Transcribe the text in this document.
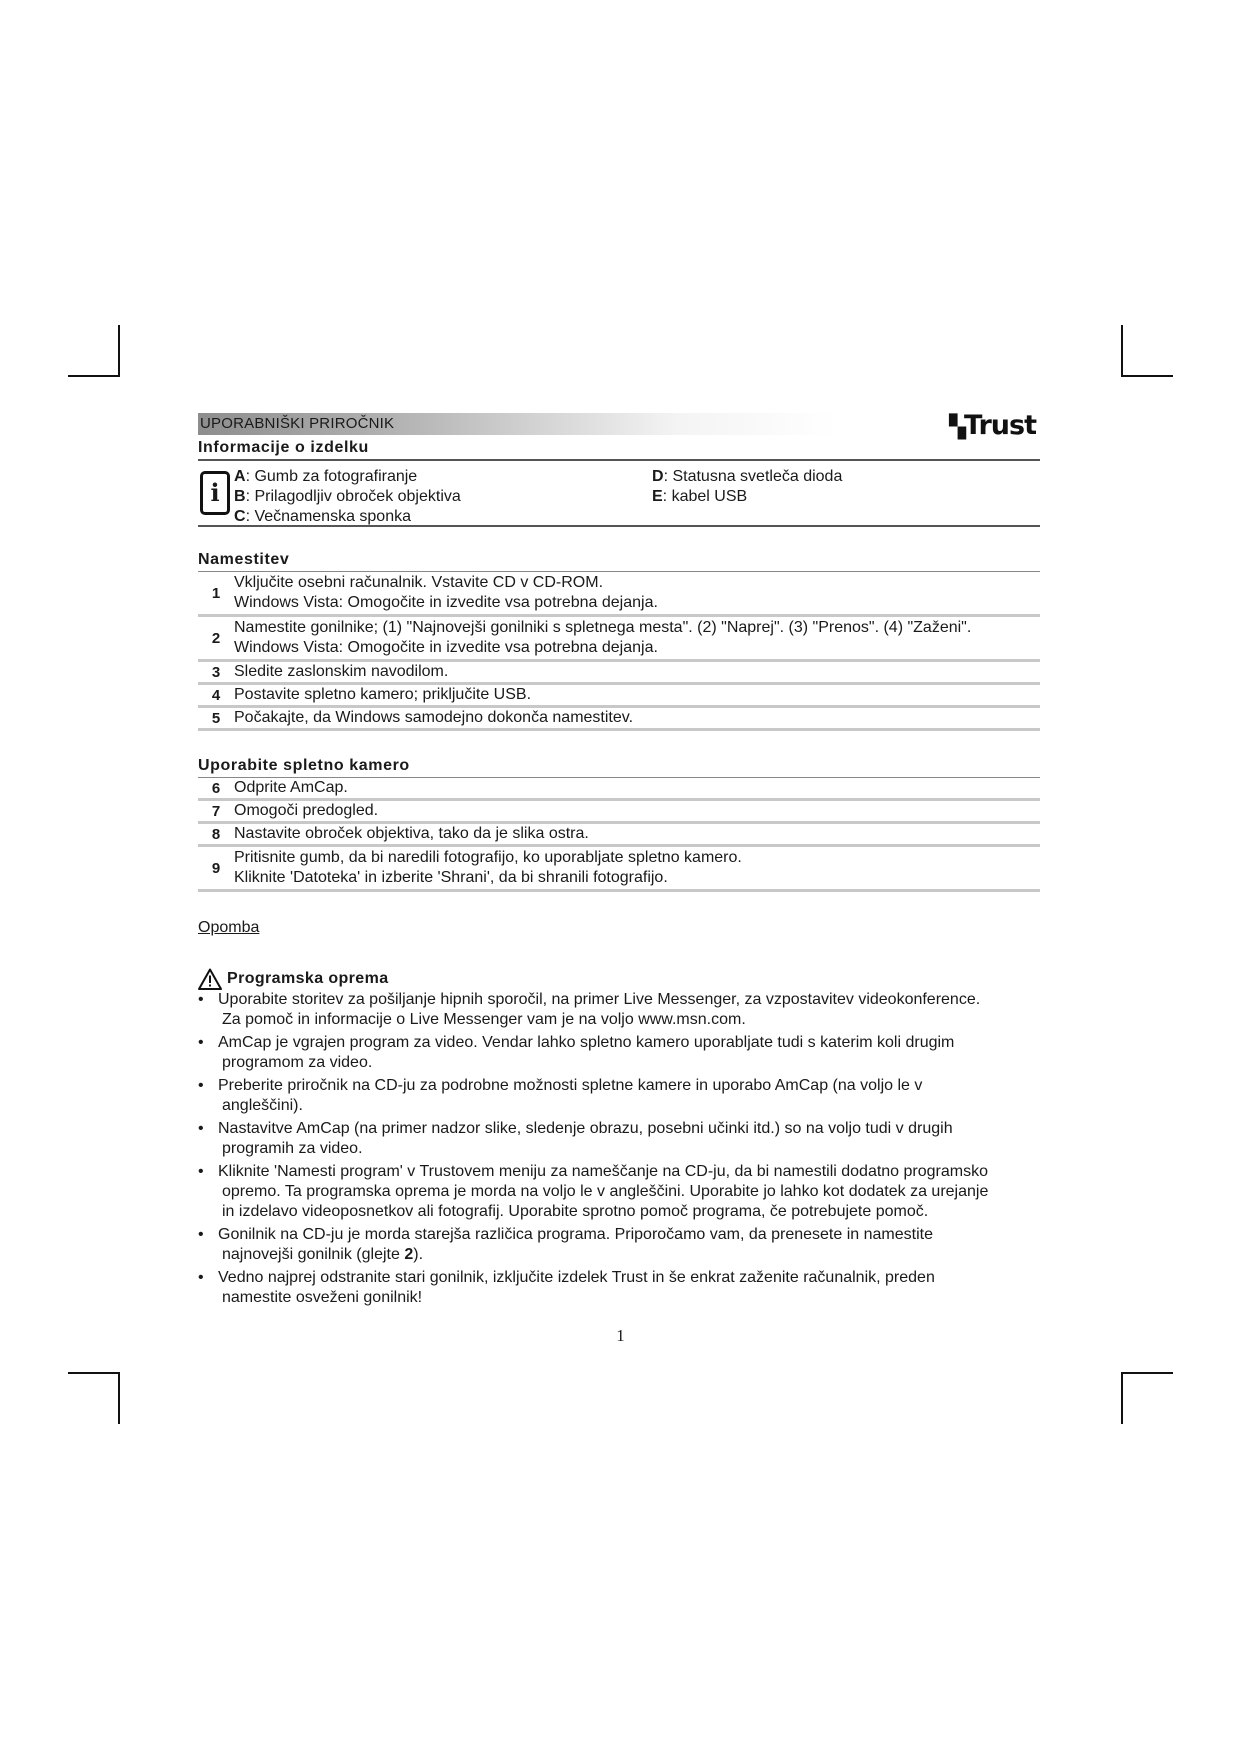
UPORABNIŠKI PRIROČNIK	▚Trust
Informacije o izdelku
i
A: Gumb za fotografiranje
B: Prilagodljiv obroček objektiva
C: Večnamenska sponka
D: Statusna svetleča dioda
E: kabel USB
Namestitev
1
Vključite osebni računalnik. Vstavite CD v CD-ROM.
Windows Vista: Omogočite in izvedite vsa potrebna dejanja.
2
Namestite gonilnike; (1) "Najnovejši gonilniki s spletnega mesta". (2) "Naprej". (3) "Prenos". (4) "Zaženi".
Windows Vista: Omogočite in izvedite vsa potrebna dejanja.
3 Sledite zaslonskim navodilom.
4 Postavite spletno kamero; priključite USB.
5 Počakajte, da Windows samodejno dokonča namestitev.
Uporabite spletno kamero
6 Odprite AmCap.
7 Omogoči predogled.
8 Nastavite obroček objektiva, tako da je slika ostra.
9
Pritisnite gumb, da bi naredili fotografijo, ko uporabljate spletno kamero.
Kliknite 'Datoteka' in izberite 'Shrani', da bi shranili fotografijo.
Opomba
Programska oprema
• Uporabite storitev za pošiljanje hipnih sporočil, na primer Live Messenger, za vzpostavitev videokonference.
Za pomoč in informacije o Live Messenger vam je na voljo www.msn.com.
• AmCap je vgrajen program za video. Vendar lahko spletno kamero uporabljate tudi s katerim koli drugim
programom za video.
• Preberite priročnik na CD-ju za podrobne možnosti spletne kamere in uporabo AmCap (na voljo le v
angleščini).
• Nastavitve AmCap (na primer nadzor slike, sledenje obrazu, posebni učinki itd.) so na voljo tudi v drugih
programih za video.
• Kliknite 'Namesti program' v Trustovem meniju za nameščanje na CD-ju, da bi namestili dodatno programsko
opremo. Ta programska oprema je morda na voljo le v angleščini. Uporabite jo lahko kot dodatek za urejanje
in izdelavo videoposnetkov ali fotografij. Uporabite sprotno pomoč programa, če potrebujete pomoč.
• Gonilnik na CD-ju je morda starejša različica programa. Priporočamo vam, da prenesete in namestite
najnovejši gonilnik (glejte 2).
• Vedno najprej odstranite stari gonilnik, izključite izdelek Trust in še enkrat zaženite računalnik, preden
namestite osveženi gonilnik!
1
